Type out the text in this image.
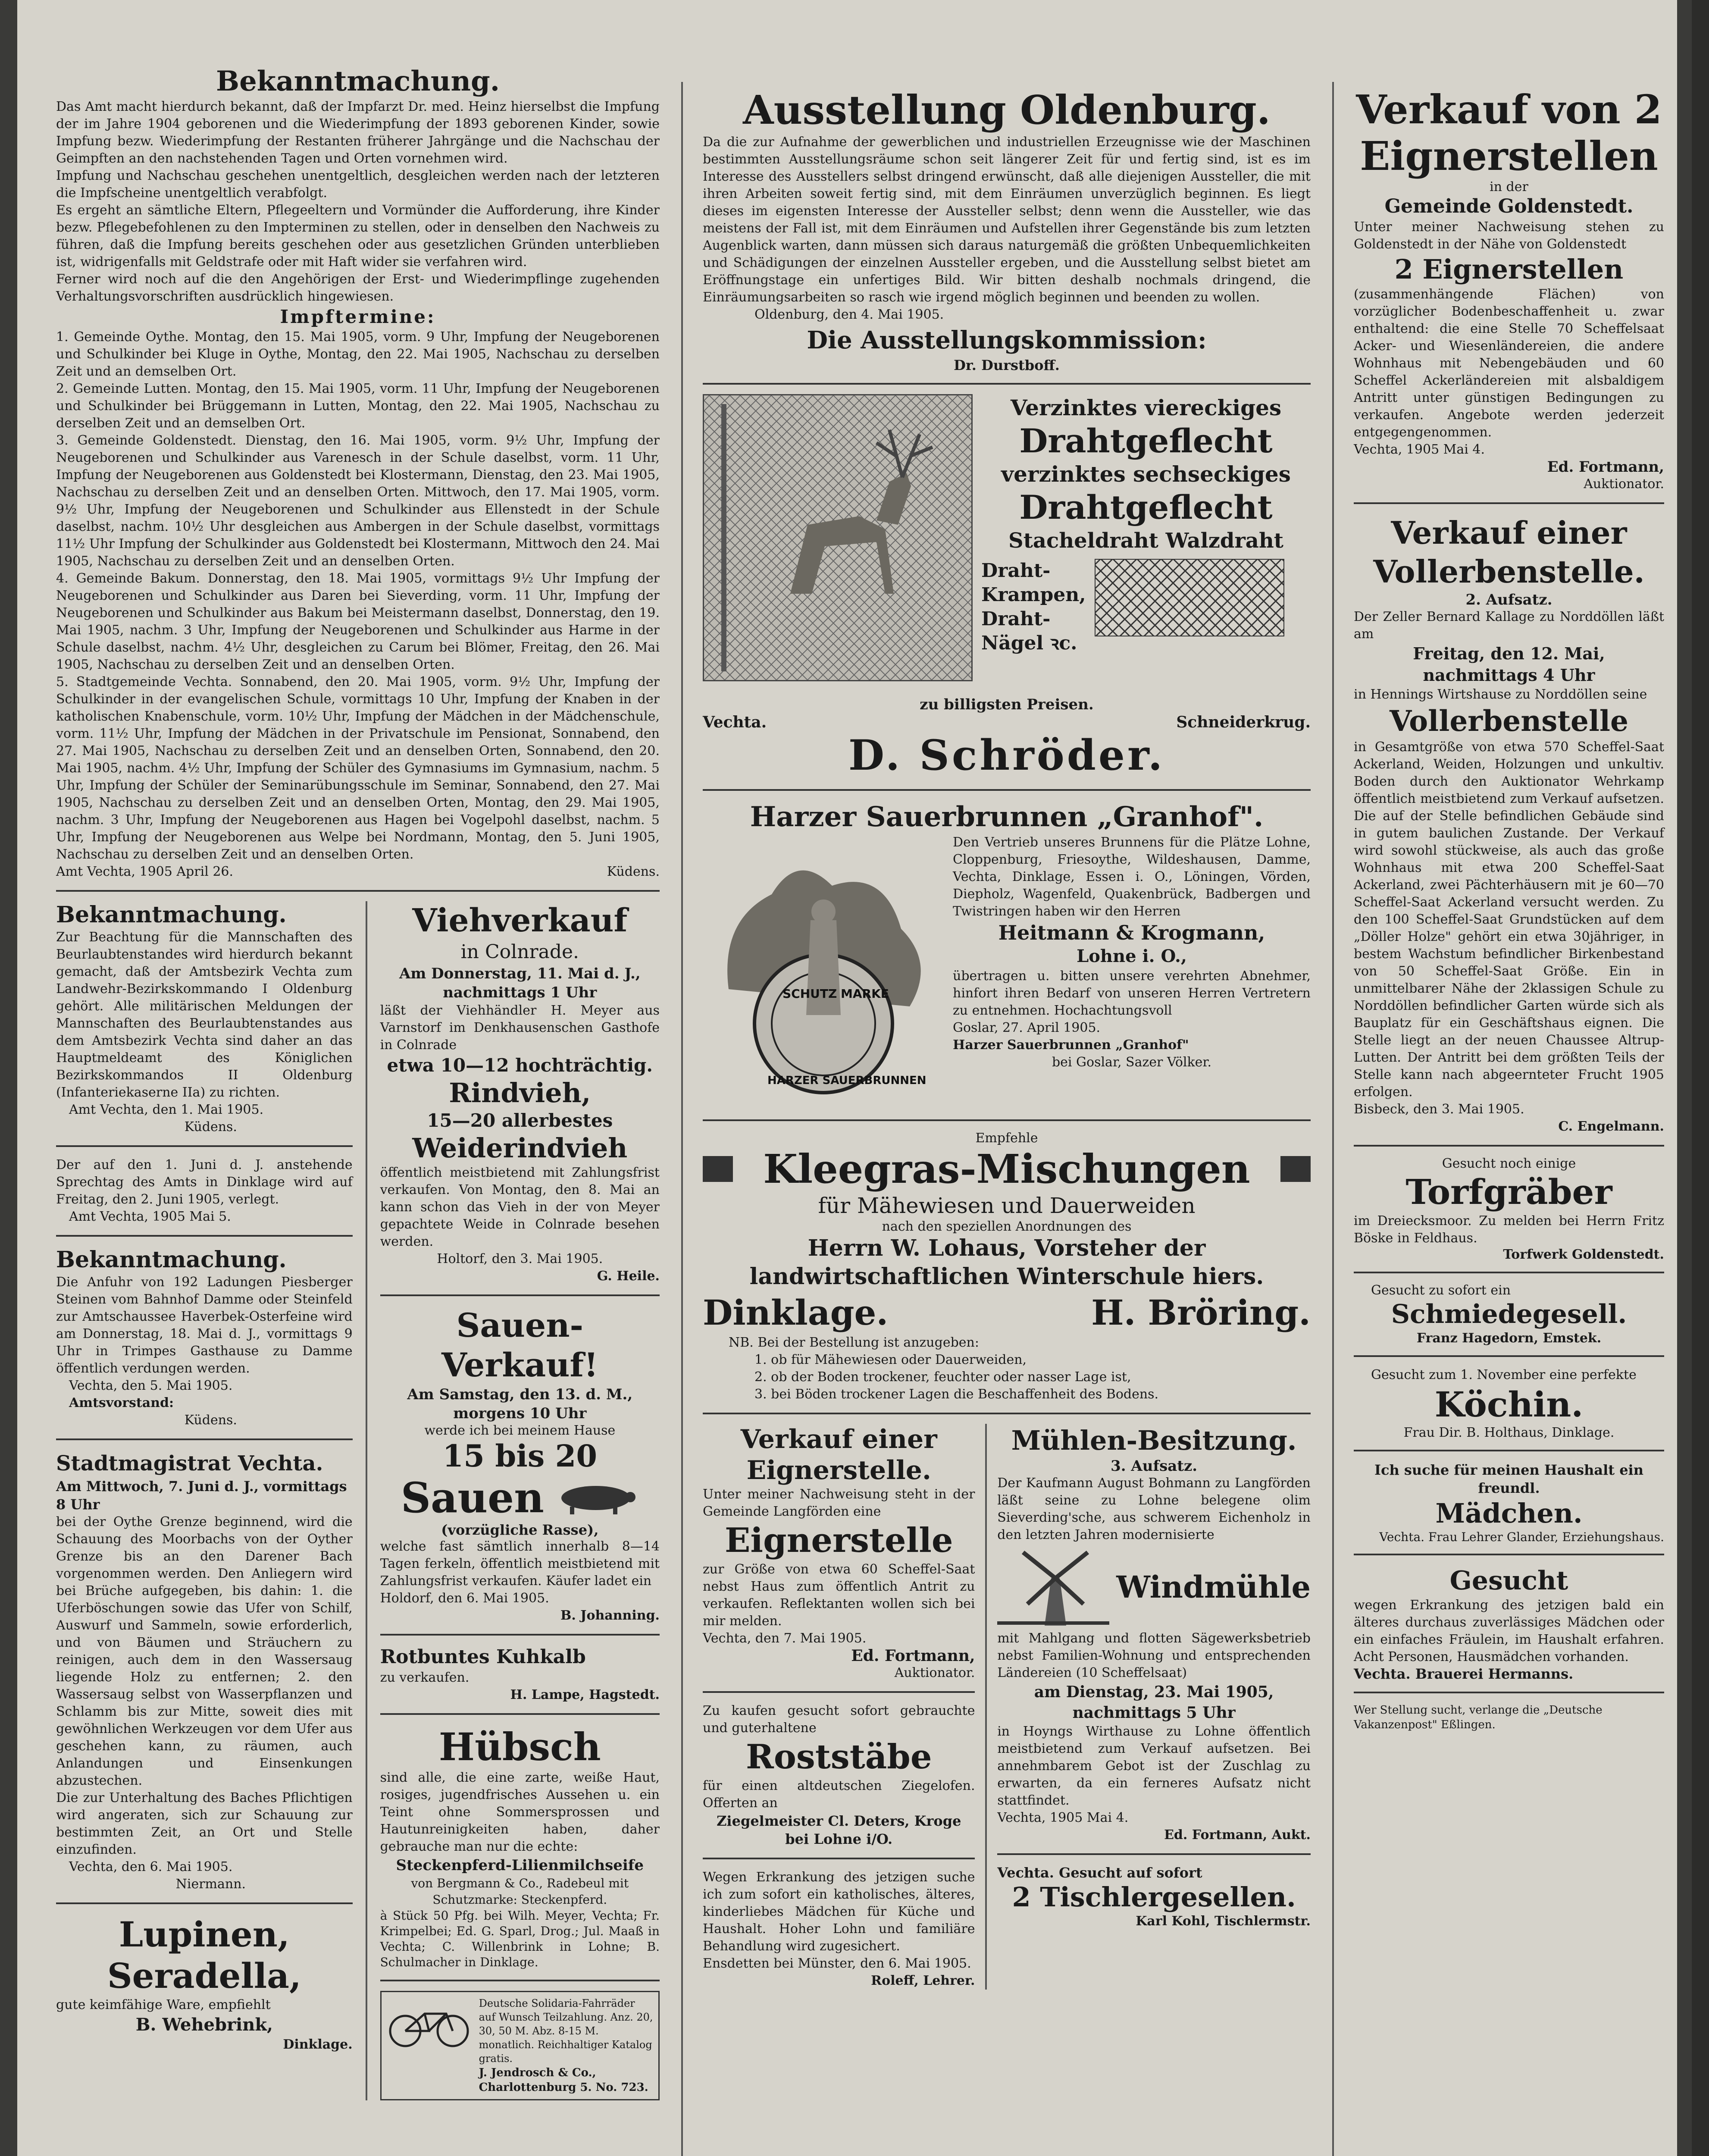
Bekanntmachung.

Das Amt macht hierdurch bekannt, daß der Impfarzt Dr. med. Heinz hierselbst die Impfung der im Jahre 1904 geborenen und die Wiederimpfung der 1893 geborenen Kinder, sowie Impfung bezw. Wiederimpfung der Restanten früherer Jahrgänge und die Nachschau der Geimpften an den nachstehenden Tagen und Orten vornehmen wird.

Impfung und Nachschau geschehen unentgeltlich, desgleichen werden nach der letzteren die Impfscheine unentgeltlich verabfolgt.

Es ergeht an sämtliche Eltern, Pflegeeltern und Vormünder die Aufforderung, ihre Kinder bezw. Pflegebefohlenen zu den Impterminen zu stellen, oder in denselben den Nachweis zu führen, daß die Impfung bereits geschehen oder aus gesetzlichen Gründen unterblieben ist, widrigenfalls mit Geldstrafe oder mit Haft wider sie verfahren wird.

Ferner wird noch auf die den Angehörigen der Erst- und Wiederimpflinge zugehenden Verhaltungsvorschriften ausdrücklich hingewiesen.

Impftermine:

1. Gemeinde Oythe. Montag, den 15. Mai 1905, vorm. 9 Uhr, Impfung der Neugeborenen und Schulkinder bei Kluge in Oythe, Montag, den 22. Mai 1905, Nachschau zu derselben Zeit und an demselben Ort.

2. Gemeinde Lutten. Montag, den 15. Mai 1905, vorm. 11 Uhr, Impfung der Neugeborenen und Schulkinder bei Brüggemann in Lutten, Montag, den 22. Mai 1905, Nachschau zu derselben Zeit und an demselben Ort.

3. Gemeinde Goldenstedt. Dienstag, den 16. Mai 1905, vorm. 9½ Uhr, Impfung der Neugeborenen und Schulkinder aus Varenesch in der Schule daselbst, vorm. 11 Uhr, Impfung der Neugeborenen aus Goldenstedt bei Klostermann, Dienstag, den 23. Mai 1905, Nachschau zu derselben Zeit und an denselben Orten. Mittwoch, den 17. Mai 1905, vorm. 9½ Uhr, Impfung der Neugeborenen und Schulkinder aus Ellenstedt in der Schule daselbst, nachm. 10½ Uhr desgleichen aus Ambergen in der Schule daselbst, vormittags 11½ Uhr Impfung der Schulkinder aus Goldenstedt bei Klostermann, Mittwoch den 24. Mai 1905, Nachschau zu derselben Zeit und an denselben Orten.

4. Gemeinde Bakum. Donnerstag, den 18. Mai 1905, vormittags 9½ Uhr Impfung der Neugeborenen und Schulkinder aus Daren bei Sieverding, vorm. 11 Uhr, Impfung der Neugeborenen und Schulkinder aus Bakum bei Meistermann daselbst, Donnerstag, den 19. Mai 1905, nachm. 3 Uhr, Impfung der Neugeborenen und Schulkinder aus Harme in der Schule daselbst, nachm. 4½ Uhr, desgleichen zu Carum bei Blömer, Freitag, den 26. Mai 1905, Nachschau zu derselben Zeit und an denselben Orten.

5. Stadtgemeinde Vechta. Sonnabend, den 20. Mai 1905, vorm. 9½ Uhr, Impfung der Schulkinder in der evangelischen Schule, vormittags 10 Uhr, Impfung der Knaben in der katholischen Knabenschule, vorm. 10½ Uhr, Impfung der Mädchen in der Mädchenschule, vorm. 11½ Uhr, Impfung der Mädchen in der Privatschule im Pensionat, Sonnabend, den 27. Mai 1905, Nachschau zu derselben Zeit und an denselben Orten, Sonnabend, den 20. Mai 1905, nachm. 4½ Uhr, Impfung der Schüler des Gymnasiums im Gymnasium, nachm. 5 Uhr, Impfung der Schüler der Seminarübungsschule im Seminar, Sonnabend, den 27. Mai 1905, Nachschau zu derselben Zeit und an denselben Orten, Montag, den 29. Mai 1905, nachm. 3 Uhr, Impfung der Neugeborenen aus Hagen bei Vogelpohl daselbst, nachm. 5 Uhr, Impfung der Neugeborenen aus Welpe bei Nordmann, Montag, den 5. Juni 1905, Nachschau zu derselben Zeit und an denselben Orten.

Amt Vechta, 1905 April 26.	Küdens.
Bekanntmachung.

Zur Beachtung für die Mannschaften des Beurlaubtenstandes wird hierdurch bekannt gemacht, daß der Amtsbezirk Vechta zum Landwehr-Bezirkskommando I Oldenburg gehört. Alle militärischen Meldungen der Mannschaften des Beurlaubtenstandes aus dem Amtsbezirk Vechta sind daher an das Hauptmeldeamt des Königlichen Bezirkskommandos II Oldenburg (Infanteriekaserne IIa) zu richten.

Amt Vechta, den 1. Mai 1905.
Küdens.

Der auf den 1. Juni d. J. anstehende Sprechtag des Amts in Dinklage wird auf Freitag, den 2. Juni 1905, verlegt.

Amt Vechta, 1905 Mai 5.
Bekanntmachung.

Die Anfuhr von 192 Ladungen Piesberger Steinen vom Bahnhof Damme oder Steinfeld zur Amtschaussee Haverbek-Osterfeine wird am Donnerstag, 18. Mai d. J., vormittags 9 Uhr in Trimpes Gasthause zu Damme öffentlich verdungen werden.

Vechta, den 5. Mai 1905.
Amtsvorstand:
Küdens.
Stadtmagistrat Vechta.
Am Mittwoch, 7. Juni d. J., vormittags 8 Uhr

bei der Oythe Grenze beginnend, wird die Schauung des Moorbachs von der Oyther Grenze bis an den Darener Bach vorgenommen werden. Den Anliegern wird bei Brüche aufgegeben, bis dahin: 1. die Uferböschungen sowie das Ufer von Schilf, Auswurf und Sammeln, sowie erforderlich, und von Bäumen und Sträuchern zu reinigen, auch dem in den Wassersaug liegende Holz zu entfernen; 2. den Wassersaug selbst von Wasserpflanzen und Schlamm bis zur Mitte, soweit dies mit gewöhnlichen Werkzeugen vor dem Ufer aus geschehen kann, zu räumen, auch Anlandungen und Einsenkungen abzustechen.

Die zur Unterhaltung des Baches Pflichtigen wird angeraten, sich zur Schauung zur bestimmten Zeit, an Ort und Stelle einzufinden.

Vechta, den 6. Mai 1905.
Niermann.
Lupinen,
Seradella,
gute keimfähige Ware, empfiehlt
B. Wehebrink,
Dinklage.
Viehverkauf
in Colnrade.
Am Donnerstag, 11. Mai d. J., nachmittags 1 Uhr

läßt der Viehhändler H. Meyer aus Varnstorf im Denkhausenschen Gasthofe in Colnrade

etwa 10—12 hochträchtig.
Rindvieh,
15—20 allerbestes
Weiderindvieh

öffentlich meistbietend mit Zahlungsfrist verkaufen. Von Montag, den 8. Mai an kann schon das Vieh in der von Meyer gepachtete Weide in Colnrade besehen werden.

Holtorf, den 3. Mai 1905.
G. Heile.
Sauen-Verkauf!
Am Samstag, den 13. d. M., morgens 10 Uhr
werde ich bei meinem Hause
15 bis 20
Sauen
(vorzügliche Rasse),

welche fast sämtlich innerhalb 8—14 Tagen ferkeln, öffentlich meistbietend mit Zahlungsfrist verkaufen. Käufer ladet ein

Holdorf, den 6. Mai 1905.
B. Johanning.
Rotbuntes Kuhkalb
zu verkaufen.
H. Lampe, Hagstedt.
Hübsch

sind alle, die eine zarte, weiße Haut, rosiges, jugendfrisches Aussehen u. ein Teint ohne Sommersprossen und Hautunreinigkeiten haben, daher gebrauche man nur die echte:

Steckenpferd-Lilienmilchseife
von Bergmann & Co., Radebeul mit Schutzmarke: Steckenpferd.

à Stück 50 Pfg. bei Wilh. Meyer, Vechta; Fr. Krimpelbei; Ed. G. Sparl, Drog.; Jul. Maaß in Vechta; C. Willenbrink in Lohne; B. Schulmacher in Dinklage.

Deutsche Solidaria-Fahrräder auf Wunsch Teilzahlung. Anz. 20, 30, 50 M. Abz. 8-15 M. monatlich. Reichhaltiger Katalog gratis.
J. Jendrosch & Co., Charlottenburg 5. No. 723.
Ausstellung Oldenburg.

Da die zur Aufnahme der gewerblichen und industriellen Erzeugnisse wie der Maschinen bestimmten Ausstellungsräume schon seit längerer Zeit für und fertig sind, ist es im Interesse des Ausstellers selbst dringend erwünscht, daß alle diejenigen Aussteller, die mit ihren Arbeiten soweit fertig sind, mit dem Einräumen unverzüglich beginnen. Es liegt dieses im eigensten Interesse der Aussteller selbst; denn wenn die Aussteller, wie das meistens der Fall ist, mit dem Einräumen und Aufstellen ihrer Gegenstände bis zum letzten Augenblick warten, dann müssen sich daraus naturgemäß die größten Unbequemlichkeiten und Schädigungen der einzelnen Aussteller ergeben, und die Ausstellung selbst bietet am Eröffnungstage ein unfertiges Bild. Wir bitten deshalb nochmals dringend, die Einräumungsarbeiten so rasch wie irgend möglich beginnen und beenden zu wollen.

Oldenburg, den 4. Mai 1905.
Die Ausstellungskommission:
Dr. Durstboff.
Verzinktes viereckiges
Drahtgeflecht
verzinktes sechseckiges
Drahtgeflecht
Stacheldraht Walzdraht
Draht-
Krampen,
Draht-
Nägel ꝛc.
zu billigsten Preisen.
Vechta.	Schneiderkrug.
D. Schröder.
Harzer Sauerbrunnen „Granhof".
SCHUTZ MARKE
HARZER SAUERBRUNNEN

Den Vertrieb unseres Brunnens für die Plätze Lohne, Cloppenburg, Friesoythe, Wildeshausen, Damme, Vechta, Dinklage, Essen i. O., Löningen, Vörden, Diepholz, Wagenfeld, Quakenbrück, Badbergen und Twistringen haben wir den Herren

Heitmann & Krogmann,
Lohne i. O.,

übertragen u. bitten unsere verehrten Abnehmer, hinfort ihren Bedarf von unseren Herren Vertretern zu entnehmen. Hochachtungsvoll

Goslar, 27. April 1905.
Harzer Sauerbrunnen „Granhof"
bei Goslar, Sazer Völker.
Empfehle
Kleegras-Mischungen
für Mähewiesen und Dauerweiden
nach den speziellen Anordnungen des
Herrn W. Lohaus, Vorsteher der landwirtschaftlichen Winterschule hiers.
Dinklage.	H. Bröring.
NB. Bei der Bestellung ist anzugeben:
1. ob für Mähewiesen oder Dauerweiden,
2. ob der Boden trockener, feuchter oder nasser Lage ist,
3. bei Böden trockener Lagen die Beschaffenheit des Bodens.
Verkauf einer Eignerstelle.

Unter meiner Nachweisung steht in der Gemeinde Langförden eine

Eignerstelle

zur Größe von etwa 60 Scheffel-Saat nebst Haus zum öffentlich Antrit zu verkaufen. Reflektanten wollen sich bei mir melden.

Vechta, den 7. Mai 1905.
Ed. Fortmann,
Auktionator.

Zu kaufen gesucht sofort gebrauchte und guterhaltene

Roststäbe

für einen altdeutschen Ziegelofen. Offerten an

Ziegelmeister Cl. Deters, Kroge bei Lohne i/O.

Wegen Erkrankung des jetzigen suche ich zum sofort ein katholisches, älteres, kinderliebes Mädchen für Küche und Haushalt. Hoher Lohn und familiäre Behandlung wird zugesichert.

Ensdetten bei Münster, den 6. Mai 1905.
Roleff, Lehrer.
Mühlen-Besitzung.
3. Aufsatz.

Der Kaufmann August Bohmann zu Langförden läßt seine zu Lohne belegene olim Sieverding'sche, aus schwerem Eichenholz in den letzten Jahren modernisierte

Windmühle

mit Mahlgang und flotten Sägewerksbetrieb nebst Familien-Wohnung und entsprechenden Ländereien (10 Scheffelsaat)

am Dienstag, 23. Mai 1905, nachmittags 5 Uhr

in Hoyngs Wirthause zu Lohne öffentlich meistbietend zum Verkauf aufsetzen. Bei annehmbarem Gebot ist der Zuschlag zu erwarten, da ein ferneres Aufsatz nicht stattfindet.

Vechta, 1905 Mai 4.
Ed. Fortmann, Aukt.
Vechta. Gesucht auf sofort
2 Tischlergesellen.
Karl Kohl, Tischlermstr.
Verkauf von 2 Eignerstellen
in der
Gemeinde Goldenstedt.

Unter meiner Nachweisung stehen zu Goldenstedt in der Nähe von Goldenstedt

2 Eignerstellen

(zusammenhängende Flächen) von vorzüglicher Bodenbeschaffenheit u. zwar enthaltend: die eine Stelle 70 Scheffelsaat Acker- und Wiesenländereien, die andere Wohnhaus mit Nebengebäuden und 60 Scheffel Ackerländereien mit alsbaldigem Antritt unter günstigen Bedingungen zu verkaufen. Angebote werden jederzeit entgegengenommen.

Vechta, 1905 Mai 4.
Ed. Fortmann,
Auktionator.
Verkauf einer Vollerbenstelle.
2. Aufsatz.

Der Zeller Bernard Kallage zu Norddöllen läßt am

Freitag, den 12. Mai, nachmittags 4 Uhr

in Hennings Wirtshause zu Norddöllen seine

Vollerbenstelle

in Gesamtgröße von etwa 570 Scheffel-Saat Ackerland, Weiden, Holzungen und unkultiv. Boden durch den Auktionator Wehrkamp öffentlich meistbietend zum Verkauf aufsetzen. Die auf der Stelle befindlichen Gebäude sind in gutem baulichen Zustande. Der Verkauf wird sowohl stückweise, als auch das große Wohnhaus mit etwa 200 Scheffel-Saat Ackerland, zwei Pächterhäusern mit je 60—70 Scheffel-Saat Ackerland versucht werden. Zu den 100 Scheffel-Saat Grundstücken auf dem „Döller Holze" gehört ein etwa 30jähriger, in bestem Wachstum befindlicher Birkenbestand von 50 Scheffel-Saat Größe. Ein in unmittelbarer Nähe der 2klassigen Schule zu Norddöllen befindlicher Garten würde sich als Bauplatz für ein Geschäftshaus eignen. Die Stelle liegt an der neuen Chaussee Altrup-Lutten. Der Antritt bei dem größten Teils der Stelle kann nach abgeernteter Frucht 1905 erfolgen.

Bisbeck, den 3. Mai 1905.
C. Engelmann.
Gesucht noch einige
Torfgräber

im Dreiecksmoor. Zu melden bei Herrn Fritz Böske in Feldhaus.

Torfwerk Goldenstedt.
Gesucht zu sofort ein
Schmiedegesell.
Franz Hagedorn, Emstek.
Gesucht zum 1. November eine perfekte
Köchin.
Frau Dir. B. Holthaus, Dinklage.
Ich suche für meinen Haushalt ein freundl.
Mädchen.
Vechta. Frau Lehrer Glander, Erziehungshaus.
Gesucht

wegen Erkrankung des jetzigen bald ein älteres durchaus zuverlässiges Mädchen oder ein einfaches Fräulein, im Haushalt erfahren. Acht Personen, Hausmädchen vorhanden.

Vechta. Brauerei Hermanns.
Wer Stellung sucht, verlange die „Deutsche Vakanzenpost" Eßlingen.
